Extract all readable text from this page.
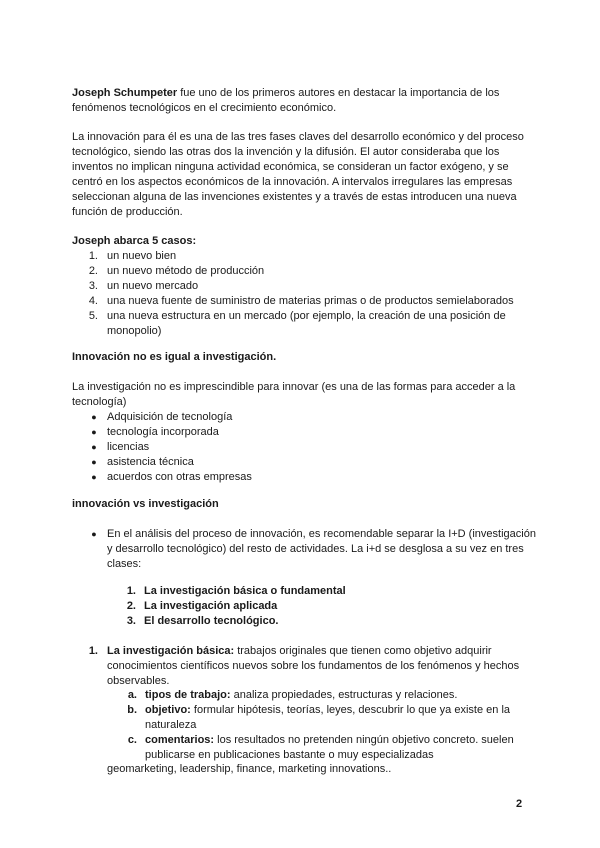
Joseph Schumpeter fue uno de los primeros autores en destacar la importancia de los fenómenos tecnológicos en el crecimiento económico.

La innovación para él es una de las tres fases claves del desarrollo económico y del proceso tecnológico, siendo las otras dos la invención y la difusión. El autor consideraba que los inventos no implican ninguna actividad económica, se consideran un factor exógeno, y se centró en los aspectos económicos de la innovación. A intervalos irregulares las empresas seleccionan alguna de las invenciones existentes y a través de estas introducen una nueva función de producción.

Joseph abarca 5 casos:

1. un nuevo bien
2. un nuevo método de producción
3. un nuevo mercado
4. una nueva fuente de suministro de materias primas o de productos semielaborados
5. una nueva estructura en un mercado (por ejemplo, la creación de una posición de monopolio)

Innovación no es igual a investigación.

La investigación no es imprescindible para innovar (es una de las formas para acceder a la tecnología)

● Adquisición de tecnología
● tecnología incorporada
● licencias
● asistencia técnica
● acuerdos con otras empresas

innovación vs investigación

● En el análisis del proceso de innovación, es recomendable separar la I+D (investigación y desarrollo tecnológico) del resto de actividades. La i+d se desglosa a su vez en tres clases:
1. La investigación básica o fundamental
2. La investigación aplicada
3. El desarrollo tecnológico.
1. La investigación básica: trabajos originales que tienen como objetivo adquirir conocimientos científicos nuevos sobre los fundamentos de los fenómenos y hechos observables.
a. tipos de trabajo: analiza propiedades, estructuras y relaciones.
b. objetivo: formular hipótesis, teorías, leyes, descubrir lo que ya existe en la naturaleza
c. comentarios: los resultados no pretenden ningún objetivo concreto. suelen publicarse en publicaciones bastante o muy especializadas

geomarketing, leadership, finance, marketing innovations..

2
